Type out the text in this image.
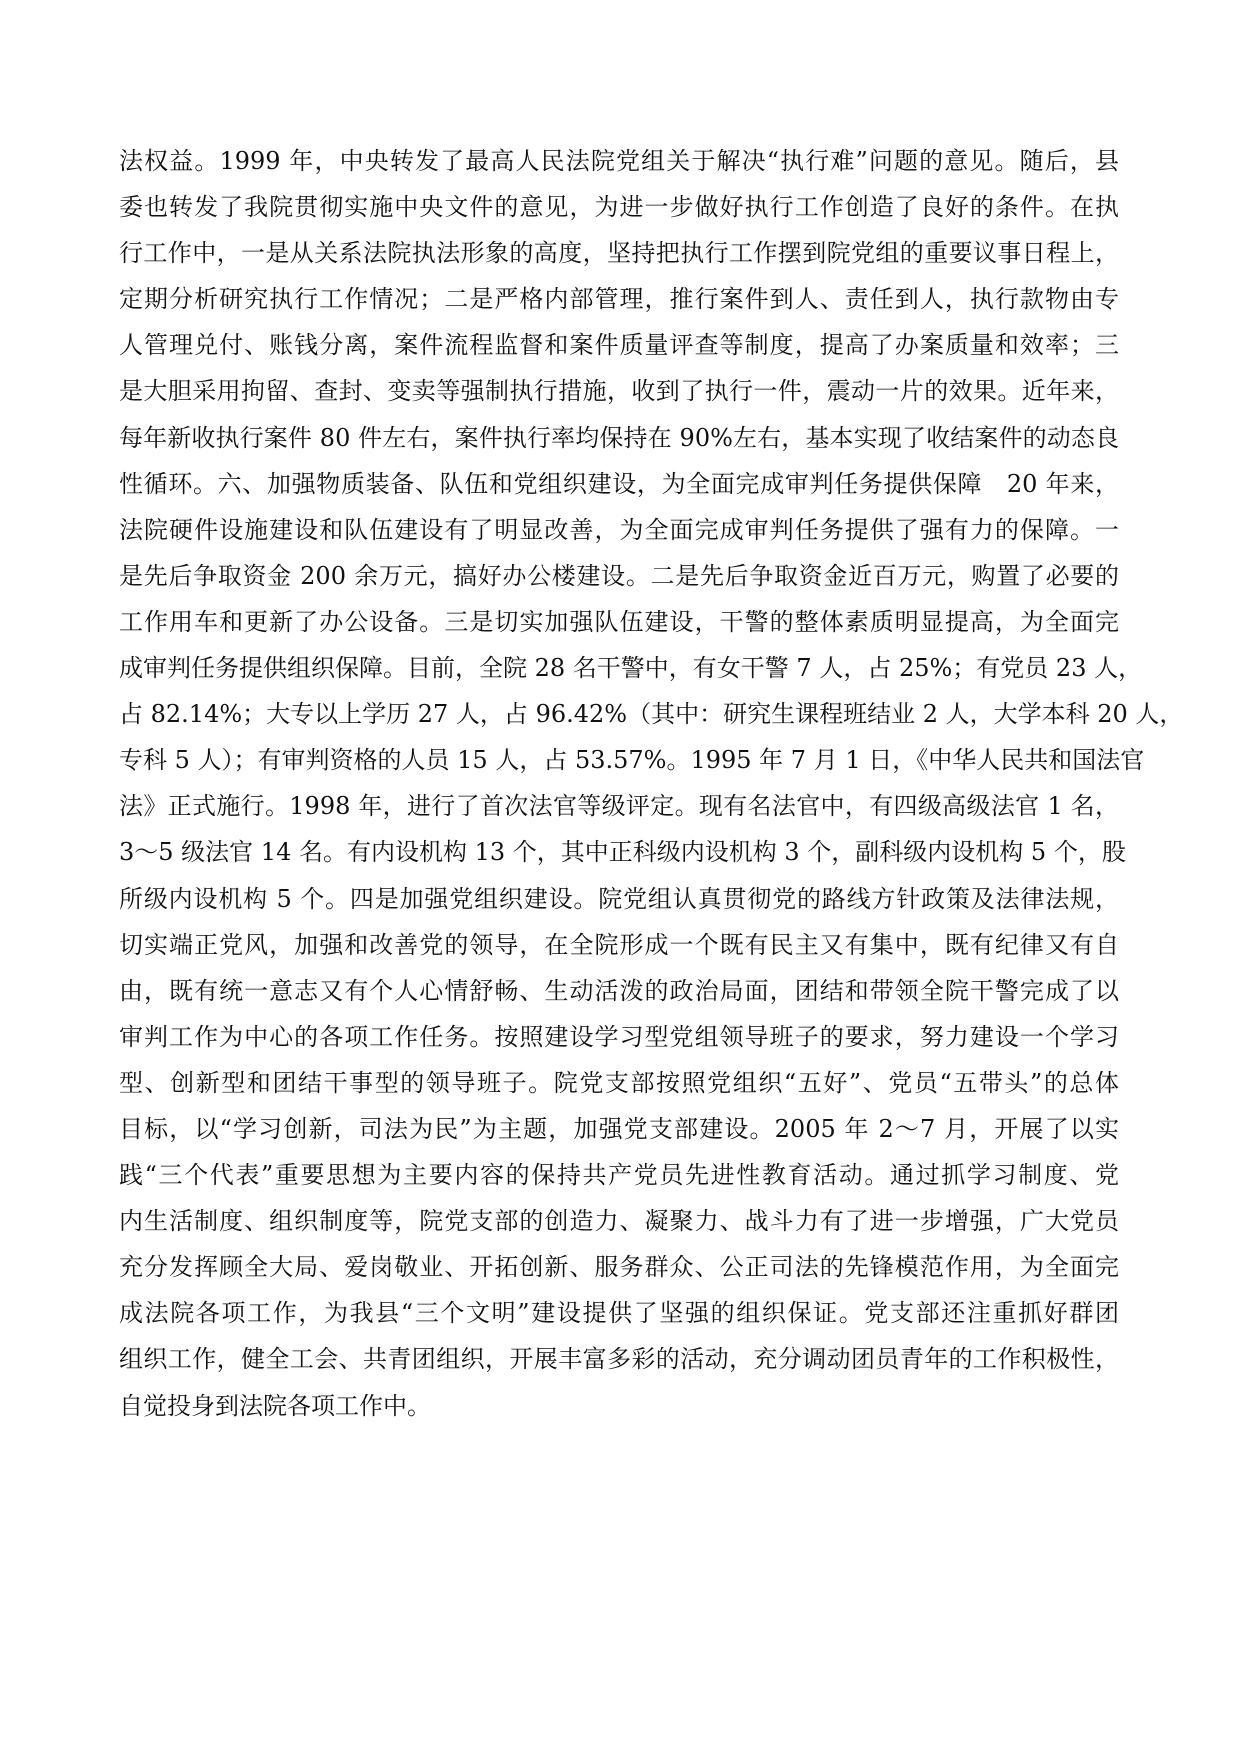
法权益。1999 年，中央转发了最高人民法院党组关于解决“执行难”问题的意见。随后，县
委也转发了我院贯彻实施中央文件的意见，为进一步做好执行工作创造了良好的条件。在执
行工作中，一是从关系法院执法形象的高度，坚持把执行工作摆到院党组的重要议事日程上，
定期分析研究执行工作情况；二是严格内部管理，推行案件到人、责任到人，执行款物由专
人管理兑付、账钱分离，案件流程监督和案件质量评查等制度，提高了办案质量和效率；三
是大胆采用拘留、查封、变卖等强制执行措施，收到了执行一件，震动一片的效果。近年来，
每年新收执行案件 80 件左右，案件执行率均保持在 90%左右，基本实现了收结案件的动态良
性循环。六、加强物质装备、队伍和党组织建设，为全面完成审判任务提供保障　20 年来，
法院硬件设施建设和队伍建设有了明显改善，为全面完成审判任务提供了强有力的保障。一
是先后争取资金 200 余万元，搞好办公楼建设。二是先后争取资金近百万元，购置了必要的
工作用车和更新了办公设备。三是切实加强队伍建设，干警的整体素质明显提高，为全面完
成审判任务提供组织保障。目前，全院 28 名干警中，有女干警 7 人，占 25%；有党员 23 人，
占 82.14%；大专以上学历 27 人，占 96.42%（其中：研究生课程班结业 2 人，大学本科 20 人，
专科 5 人）；有审判资格的人员 15 人，占 53.57%。1995 年 7 月 1 日，《中华人民共和国法官
法》正式施行。1998 年，进行了首次法官等级评定。现有名法官中，有四级高级法官 1 名，
3～5 级法官 14 名。有内设机构 13 个，其中正科级内设机构 3 个，副科级内设机构 5 个，股
所级内设机构 5 个。四是加强党组织建设。院党组认真贯彻党的路线方针政策及法律法规，
切实端正党风，加强和改善党的领导，在全院形成一个既有民主又有集中，既有纪律又有自
由，既有统一意志又有个人心情舒畅、生动活泼的政治局面，团结和带领全院干警完成了以
审判工作为中心的各项工作任务。按照建设学习型党组领导班子的要求，努力建设一个学习
型、创新型和团结干事型的领导班子。院党支部按照党组织“五好”、党员“五带头”的总体
目标，以“学习创新，司法为民”为主题，加强党支部建设。2005 年 2～7 月，开展了以实
践“三个代表”重要思想为主要内容的保持共产党员先进性教育活动。通过抓学习制度、党
内生活制度、组织制度等，院党支部的创造力、凝聚力、战斗力有了进一步增强，广大党员
充分发挥顾全大局、爱岗敬业、开拓创新、服务群众、公正司法的先锋模范作用，为全面完
成法院各项工作，为我县“三个文明”建设提供了坚强的组织保证。党支部还注重抓好群团
组织工作，健全工会、共青团组织，开展丰富多彩的活动，充分调动团员青年的工作积极性，
自觉投身到法院各项工作中。
